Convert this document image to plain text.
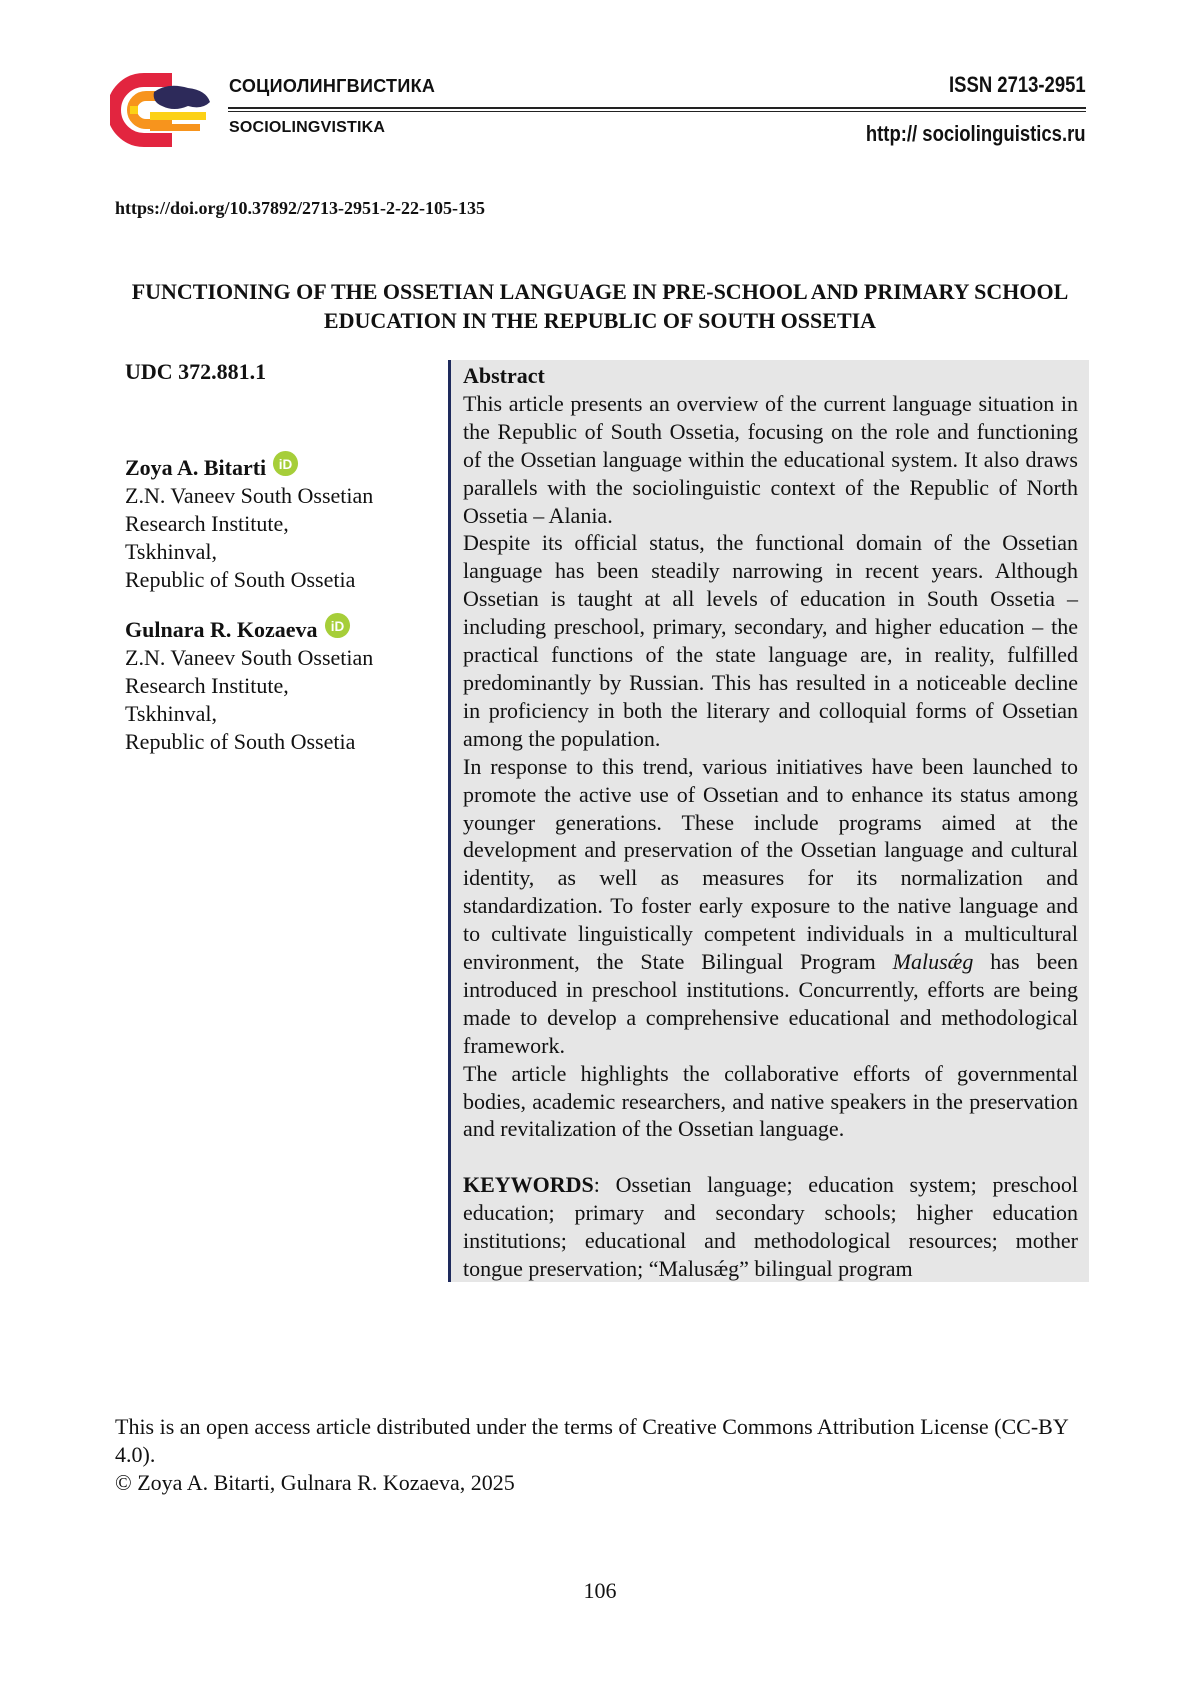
СОЦИОЛИНГВИСТИКА
SOCIOLINGVISTIKA
ISSN 2713-2951
http:// sociolinguistics.ru
https://doi.org/10.37892/2713-2951-2-22-105-135
FUNCTIONING OF THE OSSETIAN LANGUAGE IN PRE-SCHOOL AND PRIMARY SCHOOL EDUCATION IN THE REPUBLIC OF SOUTH OSSETIA
UDC 372.881.1
Zoya A. Bitarti iD
Z.N. Vaneev South Ossetian
Research Institute,
Tskhinval,
Republic of South Ossetia
Gulnara R. Kozaeva iD
Z.N. Vaneev South Ossetian
Research Institute,
Tskhinval,
Republic of South Ossetia

Abstract

This article presents an overview of the current language situation in the Republic of South Ossetia, focusing on the role and functioning of the Ossetian language within the educational system. It also draws parallels with the sociolinguistic context of the Republic of North Ossetia – Alania.

Despite its official status, the functional domain of the Ossetian language has been steadily narrowing in recent years. Although Ossetian is taught at all levels of education in South Ossetia – including preschool, primary, secondary, and higher education – the practical functions of the state language are, in reality, fulfilled predominantly by Russian. This has resulted in a noticeable decline in proficiency in both the literary and colloquial forms of Ossetian among the population.

In response to this trend, various initiatives have been launched to promote the active use of Ossetian and to enhance its status among younger generations. These include programs aimed at the development and preservation of the Ossetian language and cultural identity, as well as measures for its normalization and standardization. To foster early exposure to the native language and to cultivate linguistically competent individuals in a multicultural environment, the State Bilingual Program Malusǽg has been introduced in preschool institutions. Concurrently, efforts are being made to develop a comprehensive educational and methodological framework.

The article highlights the collaborative efforts of governmental bodies, academic researchers, and native speakers in the preservation and revitalization of the Ossetian language.

KEYWORDS: Ossetian language; education system; preschool education; primary and secondary schools; higher education institutions; educational and methodological resources; mother tongue preservation; “Malusǽg” bilingual program

This is an open access article distributed under the terms of Creative Commons Attribution License (CC-BY 4.0).
© Zoya A. Bitarti, Gulnara R. Kozaeva, 2025
106
